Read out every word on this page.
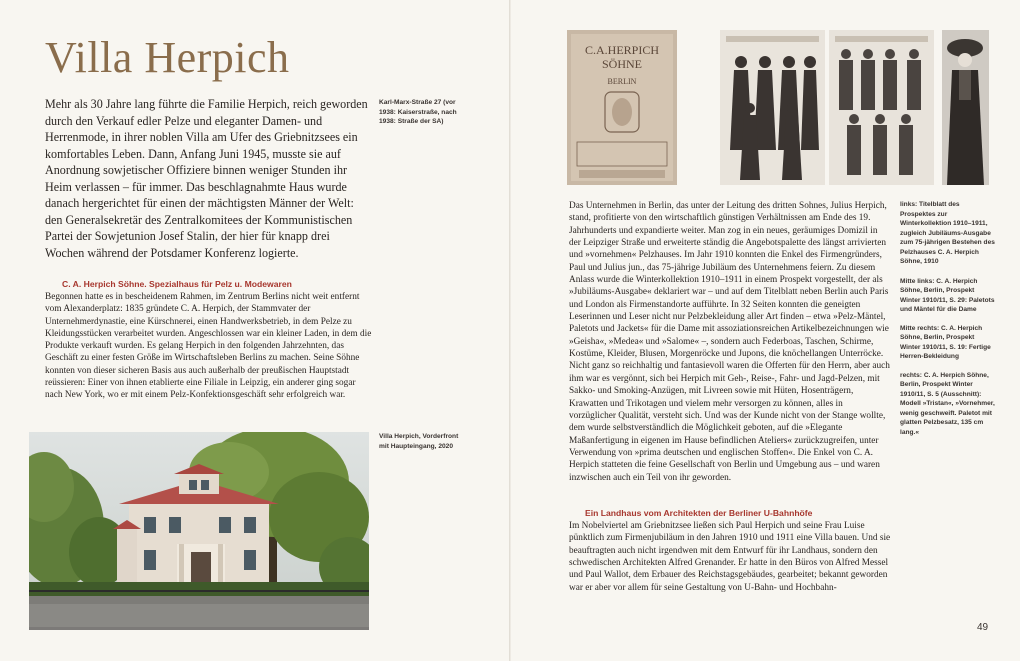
Villa Herpich

Mehr als 30 Jahre lang führte die Familie Herpich, reich geworden durch den Verkauf edler Pelze und eleganter Damen- und Herrenmode, in ihrer noblen Villa am Ufer des Griebnitzsees ein komfortables Leben. Dann, Anfang Juni 1945, musste sie auf Anordnung sowjetischer Offiziere binnen weniger Stunden ihr Heim verlassen – für immer. Das beschlagnahmte Haus wurde danach hergerichtet für einen der mächtigsten Männer der Welt: den Generalsekretär des Zentralkomitees der Kommunistischen Partei der Sowjetunion Josef Stalin, der hier für knapp drei Wochen während der Potsdamer Konferenz logierte.

Karl-Marx-Straße 27 (vor 1938: Kaiserstraße, nach 1938: Straße der SA)

C. A. Herpich Söhne. Spezialhaus für Pelz u. Modewaren

Begonnen hatte es in bescheidenem Rahmen, im Zentrum Berlins nicht weit entfernt vom Alexanderplatz: 1835 gründete C. A. Herpich, der Stammvater der Unternehmerdynastie, eine Kürschnerei, einen Handwerksbetrieb, in dem Pelze zu Kleidungsstücken verarbeitet wurden. Angeschlossen war ein kleiner Laden, in dem die Produkte verkauft wurden. Es gelang Herpich in den folgenden Jahrzehnten, das Geschäft zu einer festen Größe im Wirtschaftsleben Berlins zu machen. Seine Söhne konnten von dieser sicheren Basis aus auch außerhalb der preußischen Hauptstadt reüssieren: Einer von ihnen etablierte eine Filiale in Leipzig, ein anderer ging sogar nach New York, wo er mit einem Pelz-Konfektionsgeschäft sehr erfolgreich war.

Villa Herpich, Vorderfront mit Haupteingang, 2020

C.A.HERPICH
SÖHNE
BERLIN

Das Unternehmen in Berlin, das unter der Leitung des dritten Sohnes, Julius Herpich, stand, profitierte von den wirtschaftlich günstigen Verhältnissen am Ende des 19. Jahrhunderts und expandierte weiter. Man zog in ein neues, geräumiges Domizil in der Leipziger Straße und erweiterte ständig die Angebotspalette des längst arrivierten und »vornehmen« Pelzhauses. Im Jahr 1910 konnten die Enkel des Firmengründers, Paul und Julius jun., das 75-jährige Jubiläum des Unternehmens feiern. Zu diesem Anlass wurde die Winterkollektion 1910–1911 in einem Prospekt vorgestellt, der als »Jubiläums-Ausgabe« deklariert war – und auf dem Titelblatt neben Berlin auch Paris und London als Firmenstandorte aufführte. In 32 Seiten konnten die geneigten Leserinnen und Leser nicht nur Pelzbekleidung aller Art finden – etwa »Pelz-Mäntel, Paletots und Jackets« für die Dame mit assoziationsreichen Artikelbezeichnungen wie »Geisha«, »Medea« und »Salome« –, sondern auch Federboas, Taschen, Schirme, Kostüme, Kleider, Blusen, Morgenröcke und Jupons, die knöchellangen Unterröcke. Nicht ganz so reichhaltig und fantasievoll waren die Offerten für den Herrn, aber auch ihm war es vergönnt, sich bei Herpich mit Geh-, Reise-, Fahr- und Jagd-Pelzen, mit Sakko- und Smoking-Anzügen, mit Livreen sowie mit Hüten, Hosenträgern, Krawatten und Trikotagen und vielem mehr versorgen zu können, alles in vorzüglicher Qualität, versteht sich. Und was der Kunde nicht von der Stange wollte, dem wurde selbstverständlich die Möglichkeit geboten, auf die »Elegante Maßanfertigung in eigenen im Hause befindlichen Ateliers« zurückzugreifen, unter Verwendung von »prima deutschen und englischen Stoffen«. Die Enkel von C. A. Herpich statteten die feine Gesellschaft von Berlin und Umgebung aus – und waren inzwischen auch ein Teil von ihr geworden.

Ein Landhaus vom Architekten der Berliner U-Bahnhöfe

Im Nobelviertel am Griebnitzsee ließen sich Paul Herpich und seine Frau Luise pünktlich zum Firmenjubiläum in den Jahren 1910 und 1911 eine Villa bauen. Und sie beauftragten auch nicht irgendwen mit dem Entwurf für ihr Landhaus, sondern den schwedischen Architekten Alfred Grenander. Er hatte in den Büros von Alfred Messel und Paul Wallot, dem Erbauer des Reichstagsgebäudes, gearbeitet; bekannt geworden war er aber vor allem für seine Gestaltung von U-Bahn- und Hochbahn-

links: Titelblatt des Prospektes zur Winterkollektion 1910–1911, zugleich Jubiläums-Ausgabe zum 75-jährigen Bestehen des Pelzhauses C. A. Herpich Söhne, 1910

Mitte links: C. A. Herpich Söhne, Berlin, Prospekt Winter 1910/11, S. 29: Paletots und Mäntel für die Dame

Mitte rechts: C. A. Herpich Söhne, Berlin, Prospekt Winter 1910/11, S. 19: Fertige Herren-Bekleidung

rechts: C. A. Herpich Söhne, Berlin, Prospekt Winter 1910/11, S. 5 (Ausschnitt): Modell »Tristan«, »Vornehmer, wenig geschweift. Paletot mit glatten Pelzbesatz, 135 cm lang.«

49
